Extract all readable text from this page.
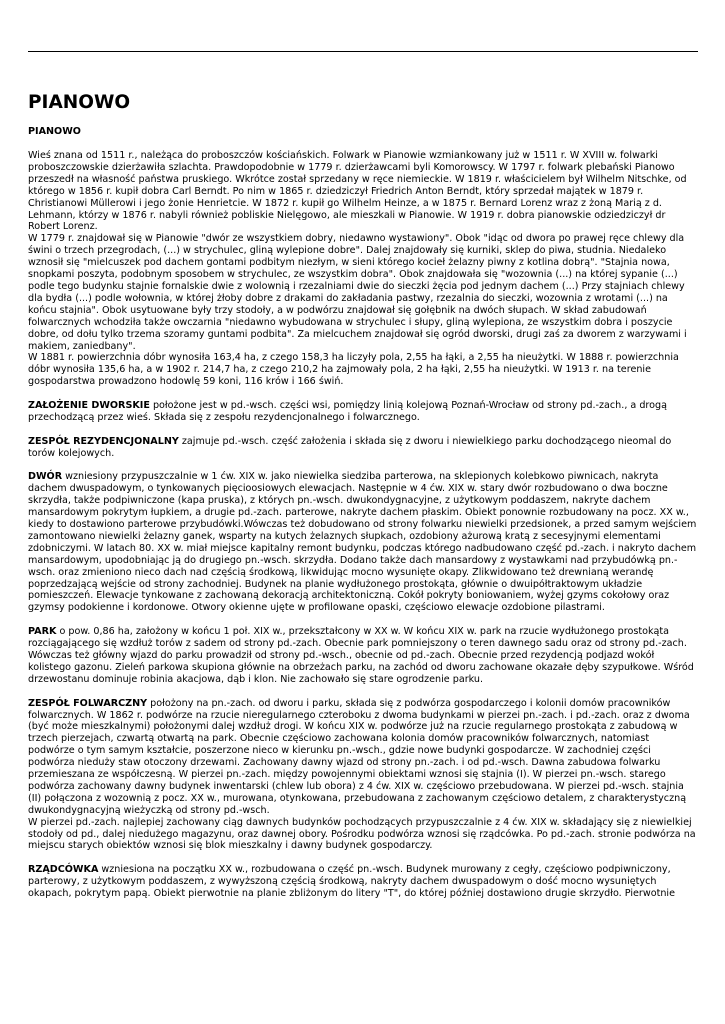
PIANOWO
PIANOWO

Wieś znana od 1511 r., należąca do proboszczów kościańskich. Folwark w Pianowie wzmiankowany już w 1511 r. W XVIII w. folwarki proboszczowskie dzierżawiła szlachta. Prawdopodobnie w 1779 r. dzierżawcami byli Komorowscy. W 1797 r. folwark plebański Pianowo przeszedł na własność państwa pruskiego. Wkrótce został sprzedany w ręce niemieckie. W 1819 r. właścicielem był Wilhelm Nitschke, od którego w 1856 r. kupił dobra Carl Berndt. Po nim w 1865 r. dziedziczył Friedrich Anton Berndt, który sprzedał majątek w 1879 r. Christianowi Müllerowi i jego żonie Henrietcie. W 1872 r. kupił go Wilhelm Heinze, a w 1875 r. Bernard Lorenz wraz z żoną Marią z d. Lehmann, którzy w 1876 r. nabyli również pobliskie Nielęgowo, ale mieszkali w Pianowie. W 1919 r. dobra pianowskie odziedziczył dr Robert Lorenz.

W 1779 r. znajdował się w Pianowie "dwór ze wszystkiem dobry, niedawno wystawiony". Obok "idąc od dwora po prawej ręce chlewy dla świni o trzech przegrodach, (...) w strychulec, gliną wylepione dobre". Dalej znajdowały się kurniki, sklep do piwa, studnia. Niedaleko wznosił się "mielcuszek pod dachem gontami podbitym niezłym, w sieni którego kocieł żelazny piwny z kotlina dobrą". "Stajnia nowa, snopkami poszyta, podobnym sposobem w strychulec, ze wszystkim dobra". Obok znajdowała się "wozownia (...) na której sypanie (...) podle tego budynku stajnie fornalskie dwie z wolownią i rzezalniami dwie do sieczki żęcia pod jednym dachem (...) Przy stajniach chlewy dla bydła (...) podle wołownia, w której żłoby dobre z drakami do zakładania pastwy, rzezalnia do sieczki, wozownia z wrotami (...) na końcu stajnia". Obok usytuowane były trzy stodoły, a w podwórzu znajdował się gołębnik na dwóch słupach. W skład zabudowań folwarcznych wchodziła także owczarnia "niedawno wybudowana w strychulec i słupy, gliną wylepiona, ze wszystkim dobra i poszycie dobre, od dołu tylko trzema szoramy guntami podbita". Za mielcuchem znajdował się ogród dworski, drugi zaś za dworem z warzywami i makiem, zaniedbany".

W 1881 r. powierzchnia dóbr wynosiła 163,4 ha, z czego 158,3 ha liczyły pola, 2,55 ha łąki, a 2,55 ha nieużytki. W 1888 r. powierzchnia dóbr wynosiła 135,6 ha, a w 1902 r. 214,7 ha, z czego 210,2 ha zajmowały pola, 2 ha łąki, 2,55 ha nieużytki. W 1913 r. na terenie gospodarstwa prowadzono hodowlę 59 koni, 116 krów i 166 świń.

ZAŁOŻENIE DWORSKIE położone jest w pd.-wsch. części wsi, pomiędzy linią kolejową Poznań-Wrocław od strony pd.-zach., a drogą przechodzącą przez wieś. Składa się z zespołu rezydencjonalnego i folwarcznego.

ZESPÓŁ REZYDENCJONALNY zajmuje pd.-wsch. część założenia i składa się z dworu i niewielkiego parku dochodzącego nieomal do torów kolejowych.

DWÓR wzniesiony przypuszczalnie w 1 ćw. XIX w. jako niewielka siedziba parterowa, na sklepionych kolebkowo piwnicach, nakryta dachem dwuspadowym, o tynkowanych pięcioosiowych elewacjach. Następnie w 4 ćw. XIX w. stary dwór rozbudowano o dwa boczne skrzydła, także podpiwniczone (kapa pruska), z których pn.-wsch. dwukondygnacyjne, z użytkowym poddaszem, nakryte dachem mansardowym pokrytym łupkiem, a drugie pd.-zach. parterowe, nakryte dachem płaskim. Obiekt ponownie rozbudowany na pocz. XX w., kiedy to dostawiono parterowe przybudówki.Wówczas też dobudowano od strony folwarku niewielki przedsionek, a przed samym wejściem zamontowano niewielki żelazny ganek, wsparty na kutych żelaznych słupkach, ozdobiony ażurową kratą z secesyjnymi elementami zdobniczymi. W latach 80. XX w. miał miejsce kapitalny remont budynku, podczas którego nadbudowano część pd.-zach. i nakryto dachem mansardowym, upodobniając ją do drugiego pn.-wsch. skrzydła. Dodano także dach mansardowy z wystawkami nad przybudówką pn.-wsch. oraz zmieniono nieco dach nad częścią środkową, likwidując mocno wysunięte okapy. Zlikwidowano też drewnianą werandę poprzedzającą wejście od strony zachodniej. Budynek na planie wydłużonego prostokąta, głównie o dwuipółtraktowym układzie pomieszczeń. Elewacje tynkowane z zachowaną dekoracją architektoniczną. Cokół pokryty boniowaniem, wyżej gzyms cokołowy oraz gzymsy podokienne i kordonowe. Otwory okienne ujęte w profilowane opaski, częściowo elewacje ozdobione pilastrami.

PARK o pow. 0,86 ha, założony w końcu 1 poł. XIX w., przekształcony w XX w. W końcu XIX w. park na rzucie wydłużonego prostokąta rozciągającego się wzdłuż torów z sadem od strony pd.-zach. Obecnie park pomniejszony o teren dawnego sadu oraz od strony pd.-zach. Wówczas też główny wjazd do parku prowadził od strony pd.-wsch., obecnie od pd.-zach. Obecnie przed rezydencją podjazd wokół kolistego gazonu. Zieleń parkowa skupiona głównie na obrzeżach parku, na zachód od dworu zachowane okazałe dęby szypułkowe. Wśród drzewostanu dominuje robinia akacjowa, dąb i klon. Nie zachowało się stare ogrodzenie parku.

ZESPÓŁ FOLWARCZNY położony na pn.-zach. od dworu i parku, składa się z podwórza gospodarczego i kolonii domów pracowników folwarcznych. W 1862 r. podwórze na rzucie nieregularnego czteroboku z dwoma budynkami w pierzei pn.-zach. i pd.-zach. oraz z dwoma (być może mieszkalnymi) położonymi dalej wzdłuż drogi. W końcu XIX w. podwórze już na rzucie regularnego prostokąta z zabudową w trzech pierzejach, czwartą otwartą na park. Obecnie częściowo zachowana kolonia domów pracowników folwarcznych, natomiast podwórze o tym samym kształcie, poszerzone nieco w kierunku pn.-wsch., gdzie nowe budynki gospodarcze. W zachodniej części podwórza nieduży staw otoczony drzewami. Zachowany dawny wjazd od strony pn.-zach. i od pd.-wsch. Dawna zabudowa folwarku przemieszana ze współczesną. W pierzei pn.-zach. między powojennymi obiektami wznosi się stajnia (I). W pierzei pn.-wsch. starego podwórza zachowany dawny budynek inwentarski (chlew lub obora) z 4 ćw. XIX w. częściowo przebudowana. W pierzei pd.-wsch. stajnia (II) połączona z wozownią z pocz. XX w., murowana, otynkowana, przebudowana z zachowanym częściowo detalem, z charakterystyczną dwukondygnacyjną wieżyczką od strony pd.-wsch.

W pierzei pd.-zach. najlepiej zachowany ciąg dawnych budynków pochodzących przypuszczalnie z 4 ćw. XIX w. składający się z niewielkiej stodoły od pd., dalej niedużego magazynu, oraz dawnej obory. Pośrodku podwórza wznosi się rządcówka. Po pd.-zach. stronie podwórza na miejscu starych obiektów wznosi się blok mieszkalny i dawny budynek gospodarczy.

RZĄDCÓWKA wzniesiona na początku XX w., rozbudowana o część pn.-wsch. Budynek murowany z cegły, częściowo podpiwniczony, parterowy, z użytkowym poddaszem, z wywyższoną częścią środkową, nakryty dachem dwuspadowym o dość mocno wysuniętych okapach, pokrytym papą. Obiekt pierwotnie na planie zbliżonym do litery "T", do której później dostawiono drugie skrzydło. Pierwotnie
